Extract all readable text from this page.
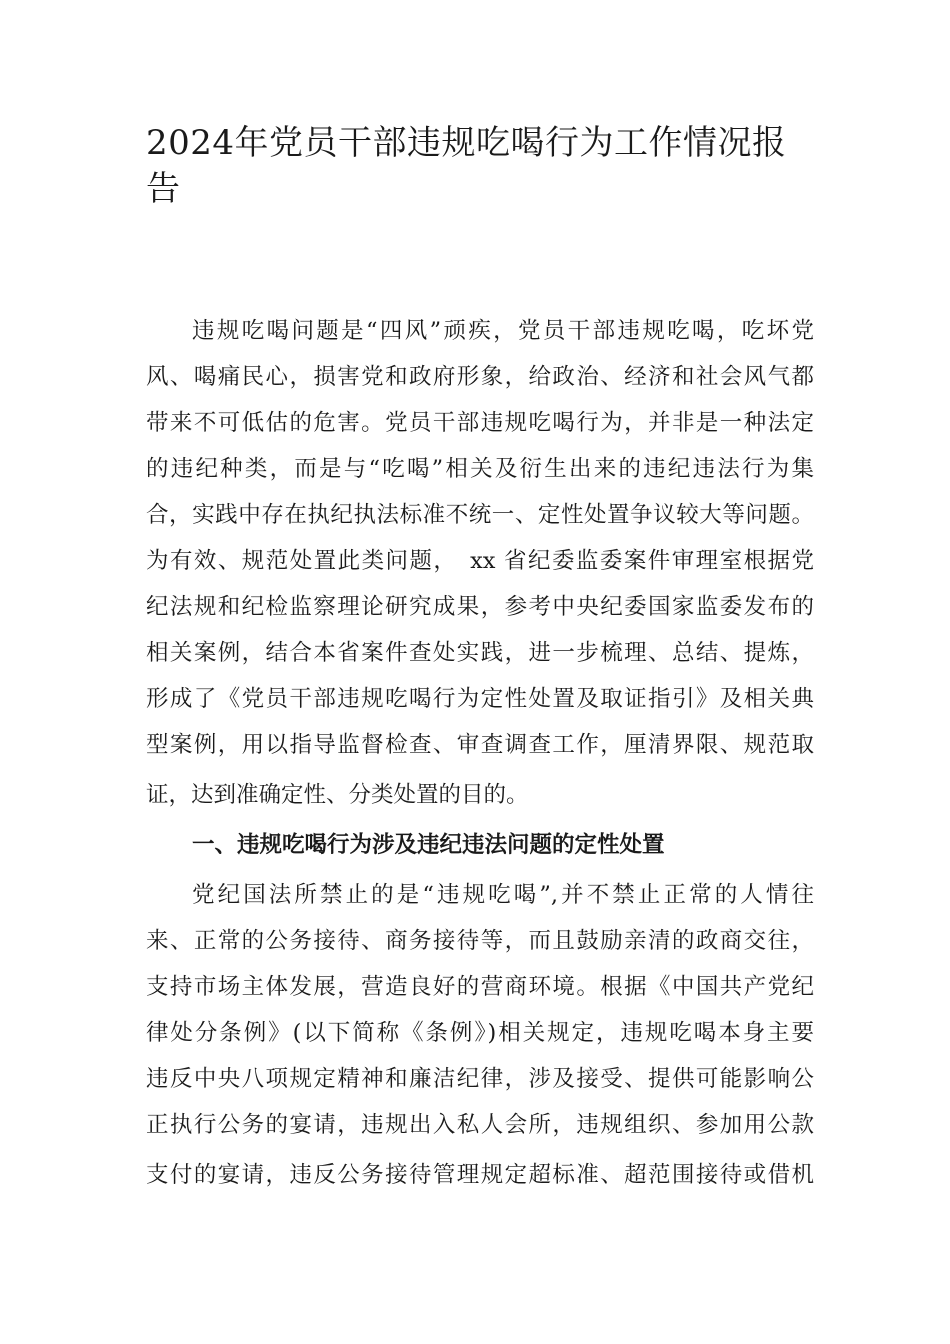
2024年党员干部违规吃喝行为工作情况报
告
违规吃喝问题是“四风”顽疾，党员干部违规吃喝，吃坏党
风、喝痛民心，损害党和政府形象，给政治、经济和社会风气都
带来不可低估的危害。党员干部违规吃喝行为，并非是一种法定
的违纪种类，而是与“吃喝”相关及衍生出来的违纪违法行为集
合，实践中存在执纪执法标准不统一、定性处置争议较大等问题。
为有效、规范处置此类问题，　xx 省纪委监委案件审理室根据党
纪法规和纪检监察理论研究成果，参考中央纪委国家监委发布的
相关案例，结合本省案件查处实践，进一步梳理、总结、提炼，
形成了《党员干部违规吃喝行为定性处置及取证指引》及相关典
型案例，用以指导监督检查、审查调查工作，厘清界限、规范取
证，达到准确定性、分类处置的目的。
一、违规吃喝行为涉及违纪违法问题的定性处置
党纪国法所禁止的是“违规吃喝”,并不禁止正常的人情往
来、正常的公务接待、商务接待等，而且鼓励亲清的政商交往，
支持市场主体发展，营造良好的营商环境。根据《中国共产党纪
律处分条例》(以下简称《条例》)相关规定，违规吃喝本身主要
违反中央八项规定精神和廉洁纪律，涉及接受、提供可能影响公
正执行公务的宴请，违规出入私人会所，违规组织、参加用公款
支付的宴请，违反公务接待管理规定超标准、超范围接待或借机
